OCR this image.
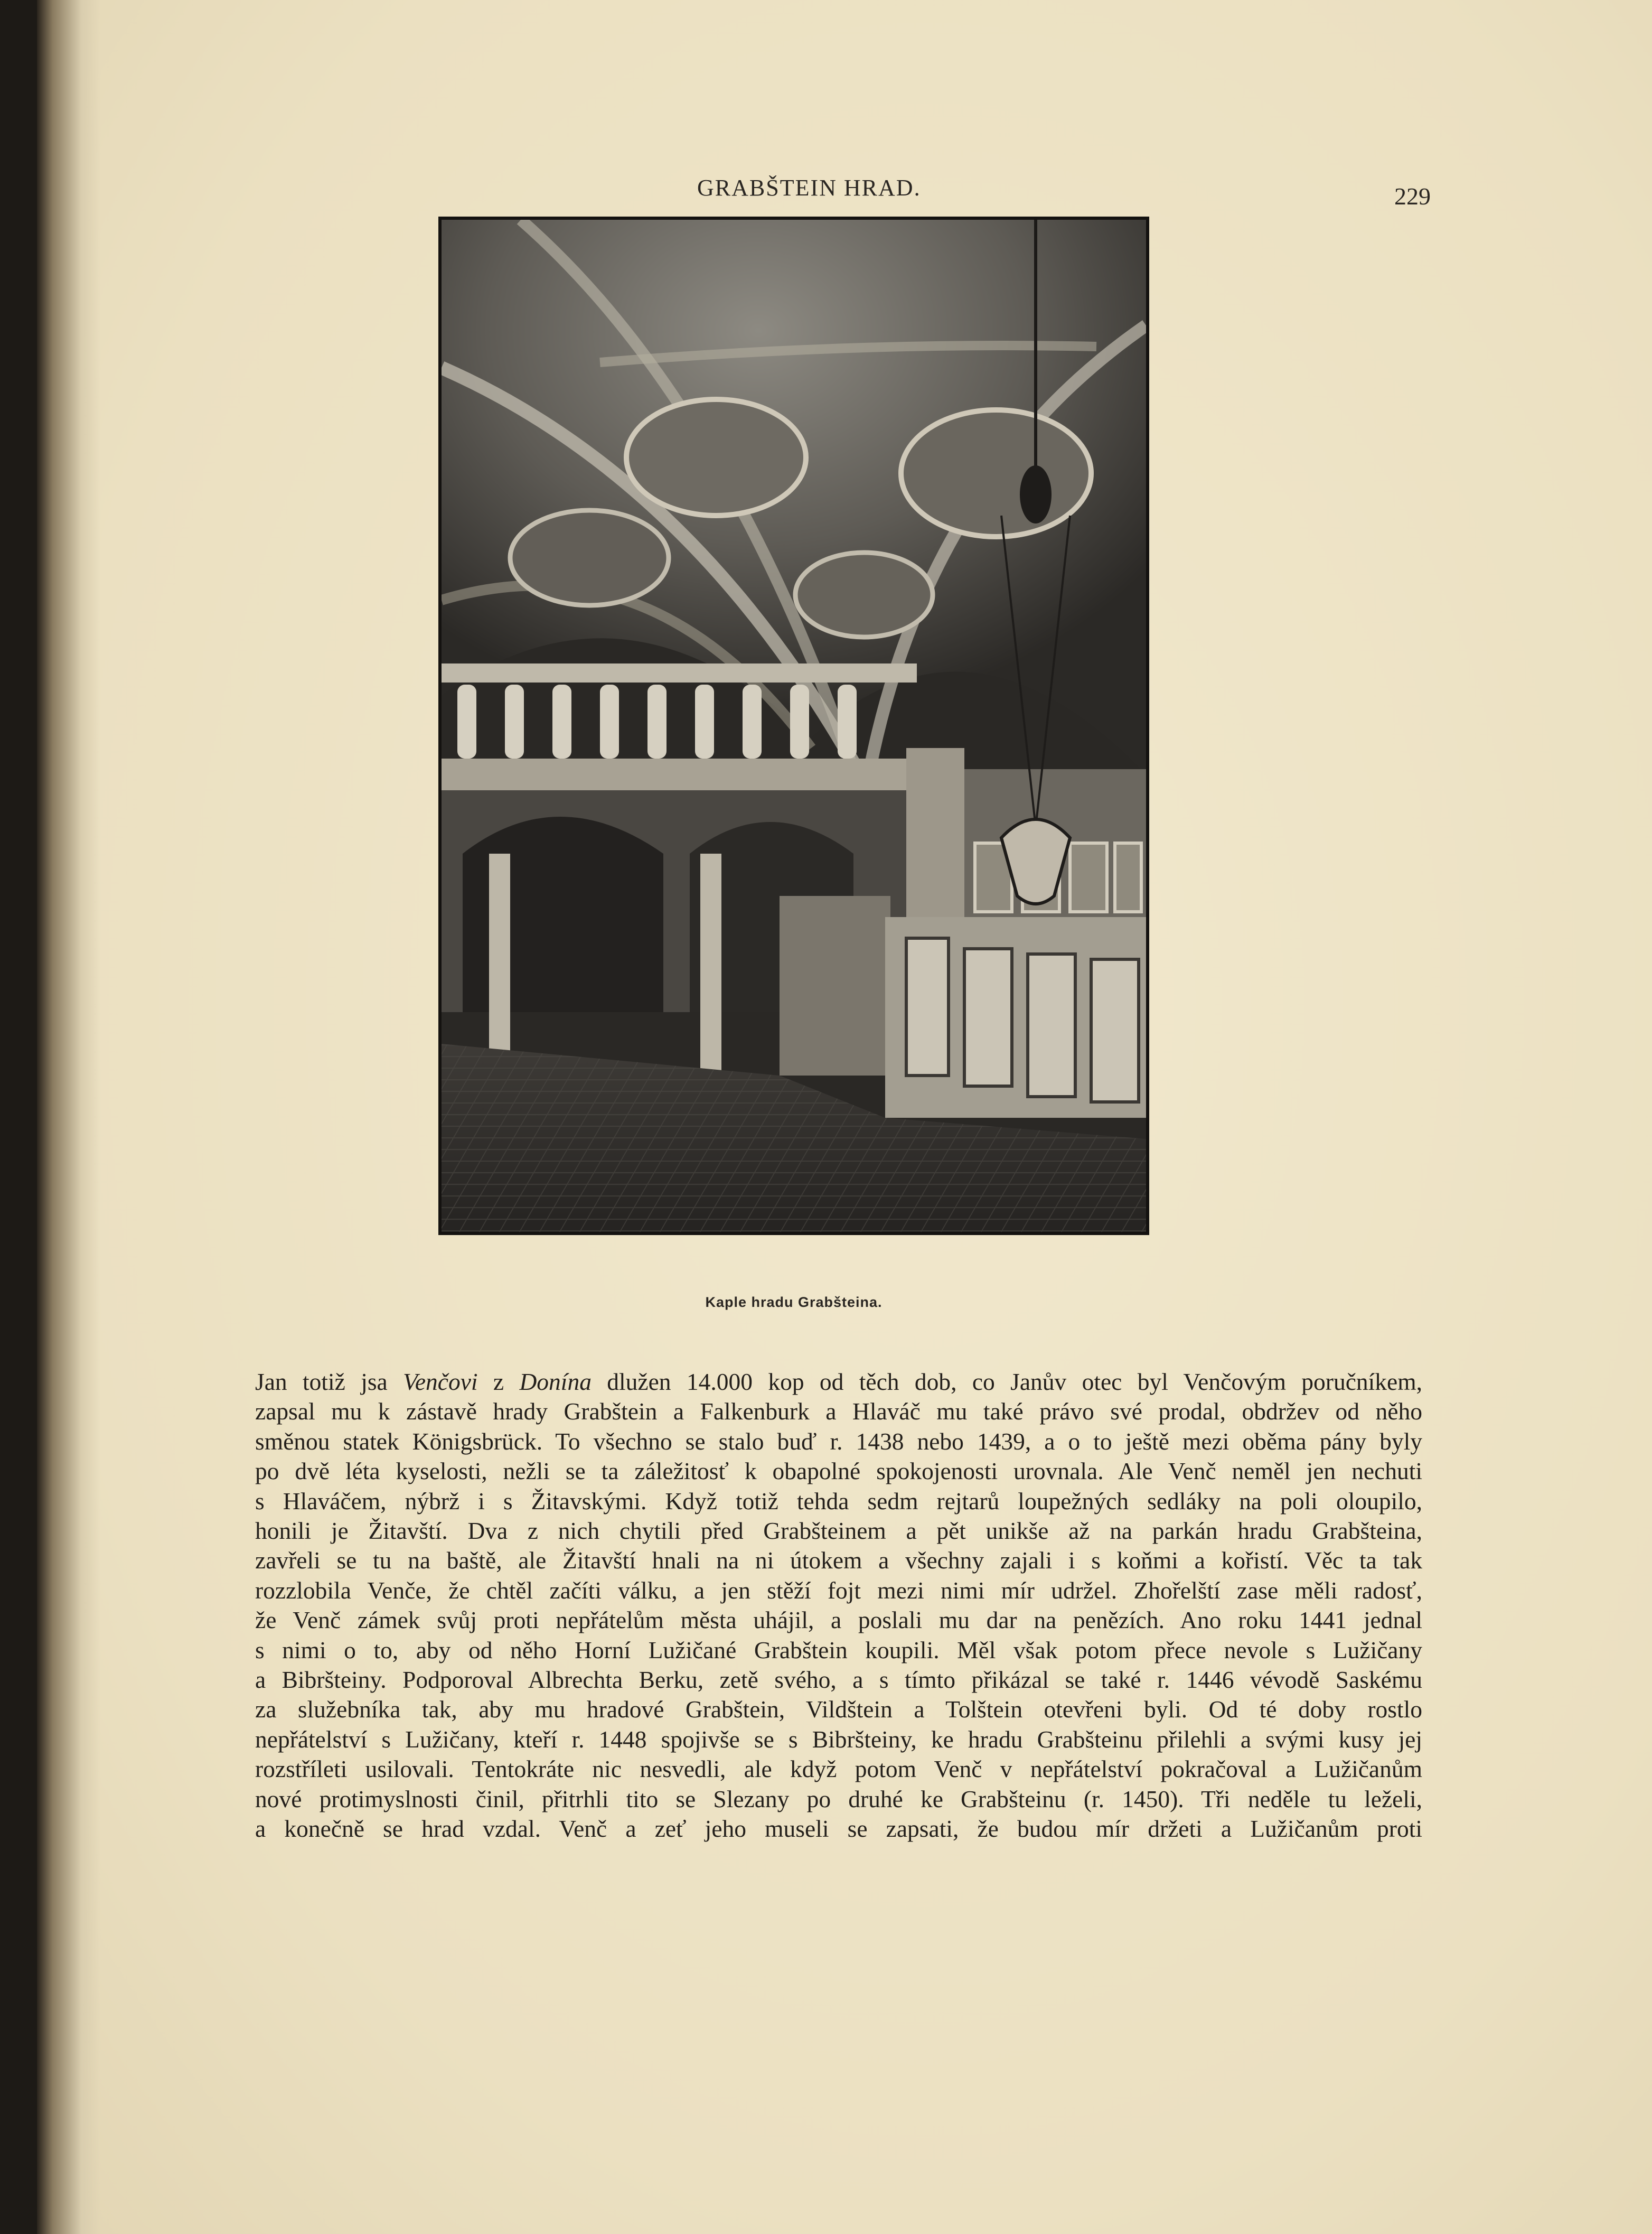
GRABŠTEIN HRAD.	229
Kaple hradu Grabšteina.
Jan totiž jsa Venčovi z Donína dlužen 14.000 kop od těch dob, co Janův otec byl Venčovým poručníkem,
zapsal mu k zástavě hrady Grabštein a Falkenburk a Hlaváč mu také právo své prodal, obdržev od něho
směnou statek Königsbrück. To všechno se stalo buď r. 1438 nebo 1439, a o to ještě mezi oběma pány byly
po dvě léta kyselosti, nežli se ta záležitosť k obapolné spokojenosti urovnala. Ale Venč neměl jen nechuti
s Hlaváčem, nýbrž i s Žitavskými. Když totiž tehda sedm rejtarů loupežných sedláky na poli oloupilo,
honili je Žitavští. Dva z nich chytili před Grabšteinem a pět unikše až na parkán hradu Grabšteina,
zavřeli se tu na baště, ale Žitavští hnali na ni útokem a všechny zajali i s koňmi a kořistí. Věc ta tak
rozzlobila Venče, že chtěl začíti válku, a jen stěží fojt mezi nimi mír udržel. Zhořelští zase měli radosť,
že Venč zámek svůj proti nepřátelům města uhájil, a poslali mu dar na penězích. Ano roku 1441 jednal
s nimi o to, aby od něho Horní Lužičané Grabštein koupili. Měl však potom přece nevole s Lužičany
a Bibršteiny. Podporoval Albrechta Berku, zetě svého, a s tímto přikázal se také r. 1446 vévodě Saskému
za služebníka tak, aby mu hradové Grabštein, Vildštein a Tolštein otevřeni byli. Od té doby rostlo
nepřátelství s Lužičany, kteří r. 1448 spojivše se s Bibršteiny, ke hradu Grabšteinu přilehli a svými kusy jej
rozstříleti usilovali. Tentokráte nic nesvedli, ale když potom Venč v nepřátelství pokračoval a Lužičanům
nové protimyslnosti činil, přitrhli tito se Slezany po druhé ke Grabšteinu (r. 1450). Tři neděle tu leželi,
a konečně se hrad vzdal. Venč a zeť jeho museli se zapsati, že budou mír držeti a Lužičanům proti
